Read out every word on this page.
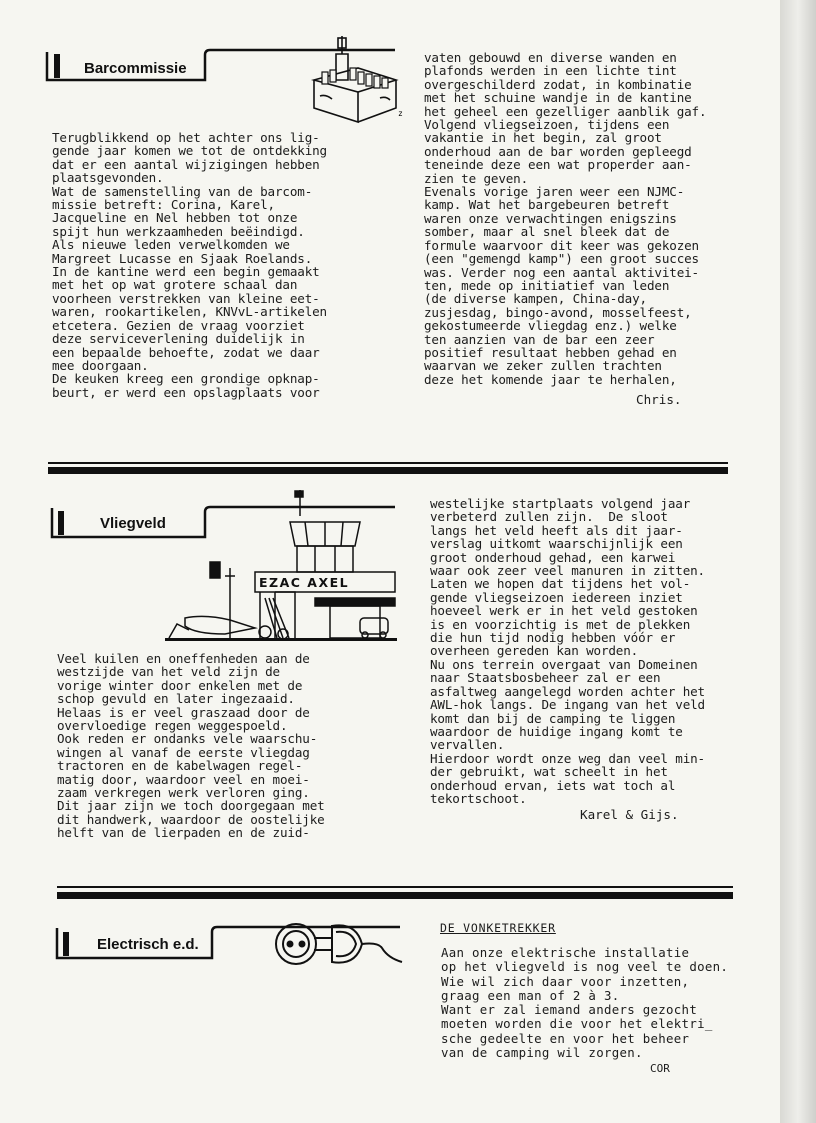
Barcommissie
z
Terugblikkend op het achter ons lig-
gende jaar komen we tot de ontdekking
dat er een aantal wijzigingen hebben
plaatsgevonden.
Wat de samenstelling van de barcom-
missie betreft: Corina, Karel,
Jacqueline en Nel hebben tot onze
spijt hun werkzaamheden beëindigd.
Als nieuwe leden verwelkomden we
Margreet Lucasse en Sjaak Roelands.
In de kantine werd een begin gemaakt
met het op wat grotere schaal dan
voorheen verstrekken van kleine eet-
waren, rookartikelen, KNVvL-artikelen
etcetera. Gezien de vraag voorziet
deze serviceverlening duidelijk in
een bepaalde behoefte, zodat we daar
mee doorgaan.
De keuken kreeg een grondige opknap-
beurt, er werd een opslagplaats voor
vaten gebouwd en diverse wanden en
plafonds werden in een lichte tint
overgeschilderd zodat, in kombinatie
met het schuine wandje in de kantine
het geheel een gezelliger aanblik gaf.
Volgend vliegseizoen, tijdens een
vakantie in het begin, zal groot
onderhoud aan de bar worden gepleegd
teneinde deze een wat properder aan-
zien te geven.
Evenals vorige jaren weer een NJMC-
kamp. Wat het bargebeuren betreft
waren onze verwachtingen enigszins
somber, maar al snel bleek dat de
formule waarvoor dit keer was gekozen
(een "gemengd kamp") een groot succes
was. Verder nog een aantal aktivitei-
ten, mede op initiatief van leden
(de diverse kampen, China-day,
zusjesdag, bingo-avond, mosselfeest,
gekostumeerde vliegdag enz.) welke
ten aanzien van de bar een zeer
positief resultaat hebben gehad en
waarvan we zeker zullen trachten
deze het komende jaar te herhalen,
Chris.
Vliegveld
EZAC AXEL
Veel kuilen en oneffenheden aan de
westzijde van het veld zijn de
vorige winter door enkelen met de
schop gevuld en later ingezaaid.
Helaas is er veel graszaad door de
overvloedige regen weggespoeld.
Ook reden er ondanks vele waarschu-
wingen al vanaf de eerste vliegdag
tractoren en de kabelwagen regel-
matig door, waardoor veel en moei-
zaam verkregen werk verloren ging.
Dit jaar zijn we toch doorgegaan met
dit handwerk, waardoor de oostelijke
helft van de lierpaden en de zuid-
westelijke startplaats volgend jaar
verbeterd zullen zijn.  De sloot
langs het veld heeft als dit jaar-
verslag uitkomt waarschijnlijk een
groot onderhoud gehad, een karwei
waar ook zeer veel manuren in zitten.
Laten we hopen dat tijdens het vol-
gende vliegseizoen iedereen inziet
hoeveel werk er in het veld gestoken
is en voorzichtig is met de plekken
die hun tijd nodig hebben vóór er
overheen gereden kan worden.
Nu ons terrein overgaat van Domeinen
naar Staatsbosbeheer zal er een
asfaltweg aangelegd worden achter het
AWL-hok langs. De ingang van het veld
komt dan bij de camping te liggen
waardoor de huidige ingang komt te
vervallen.
Hierdoor wordt onze weg dan veel min-
der gebruikt, wat scheelt in het
onderhoud ervan, iets wat toch al
tekortschoot.
Karel & Gijs.
Electrisch e.d.
DE VONKETREKKER
Aan onze elektrische installatie
op het vliegveld is nog veel te doen.
Wie wil zich daar voor inzetten,
graag een man of 2 à 3.
Want er zal iemand anders gezocht
moeten worden die voor het elektri_
sche gedeelte en voor het beheer
van de camping wil zorgen.
COR
